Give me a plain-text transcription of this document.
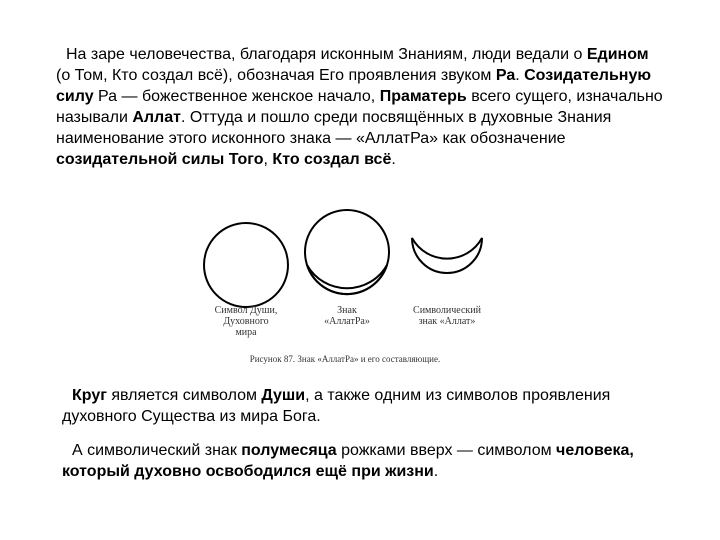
На заре человечества, благодаря исконным Знаниям, люди ведали о Едином (о Том, Кто создал всё), обозначая Его проявления звуком Ра. Созидательную силу Ра — божественное женское начало, Праматерь всего сущего, изначально называли Аллат. Оттуда и пошло среди посвящённых в духовные Знания наименование этого исконного знака — «АллатРа» как обозначение созидательной силы Того, Кто создал всё.

Символ Души,
Духовного
мира
Знак
«АллатРа»
Символический
знак «Аллат»
Рисунок 87. Знак «АллатРа» и его составляющие.

Круг является символом Души, а также одним из символов проявления духовного Существа из мира Бога.

А символический знак полумесяца рожками вверх — символом человека, который духовно освободился ещё при жизни.
